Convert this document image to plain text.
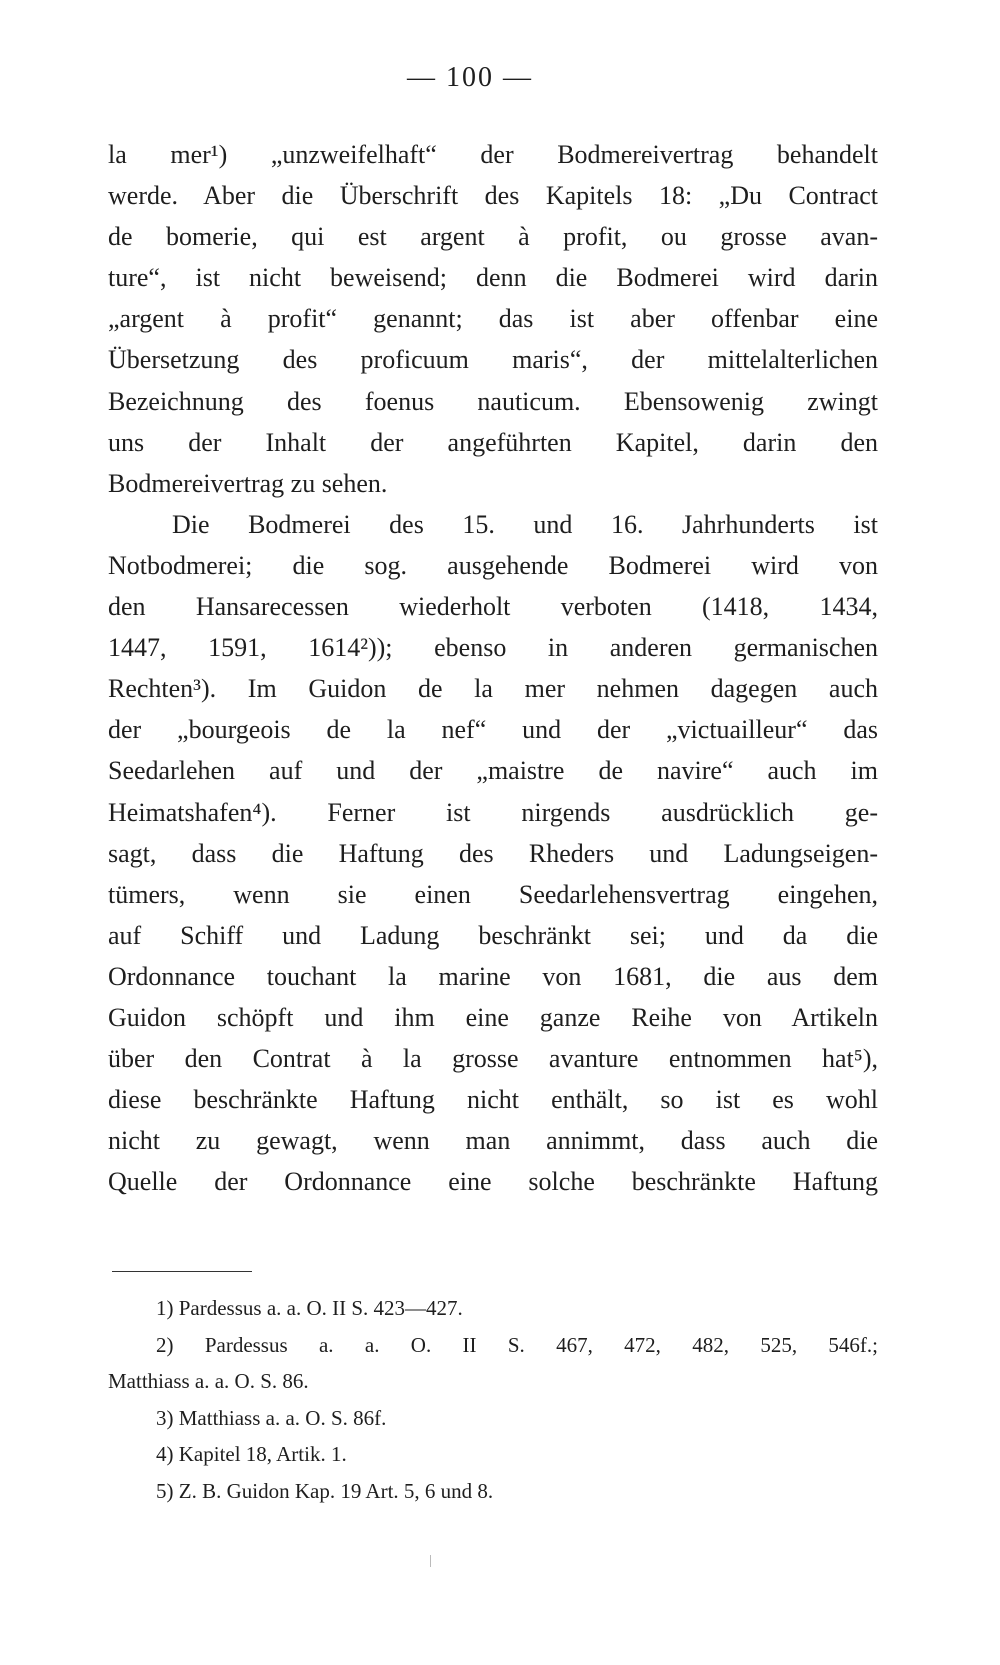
— 100 —
la mer¹) „unzweifelhaft“ der Bodmereivertrag behandelt
werde. Aber die Überschrift des Kapitels 18: „Du Contract
de bomerie, qui est argent à profit, ou grosse avan-
ture“, ist nicht beweisend; denn die Bodmerei wird darin
„argent à profit“ genannt; das ist aber offenbar eine
Übersetzung des proficuum maris“, der mittelalterlichen
Bezeichnung des foenus nauticum. Ebensowenig zwingt
uns der Inhalt der angeführten Kapitel, darin den
Bodmereivertrag zu sehen.
Die Bodmerei des 15. und 16. Jahrhunderts ist
Notbodmerei; die sog. ausgehende Bodmerei wird von
den Hansarecessen wiederholt verboten (1418, 1434,
1447, 1591, 1614²)); ebenso in anderen germanischen
Rechten³). Im Guidon de la mer nehmen dagegen auch
der „bourgeois de la nef“ und der „victuailleur“ das
Seedarlehen auf und der „maistre de navire“ auch im
Heimatshafen⁴). Ferner ist nirgends ausdrücklich ge-
sagt, dass die Haftung des Rheders und Ladungseigen-
tümers, wenn sie einen Seedarlehensvertrag eingehen,
auf Schiff und Ladung beschränkt sei; und da die
Ordonnance touchant la marine von 1681, die aus dem
Guidon schöpft und ihm eine ganze Reihe von Artikeln
über den Contrat à la grosse avanture entnommen hat⁵),
diese beschränkte Haftung nicht enthält, so ist es wohl
nicht zu gewagt, wenn man annimmt, dass auch die
Quelle der Ordonnance eine solche beschränkte Haftung
1) Pardessus a. a. O. II S. 423—427.
2) Pardessus a. a. O. II S. 467, 472, 482, 525, 546f.;
Matthiass a. a. O. S. 86.
3) Matthiass a. a. O. S. 86f.
4) Kapitel 18, Artik. 1.
5) Z. B. Guidon Kap. 19 Art. 5, 6 und 8.
